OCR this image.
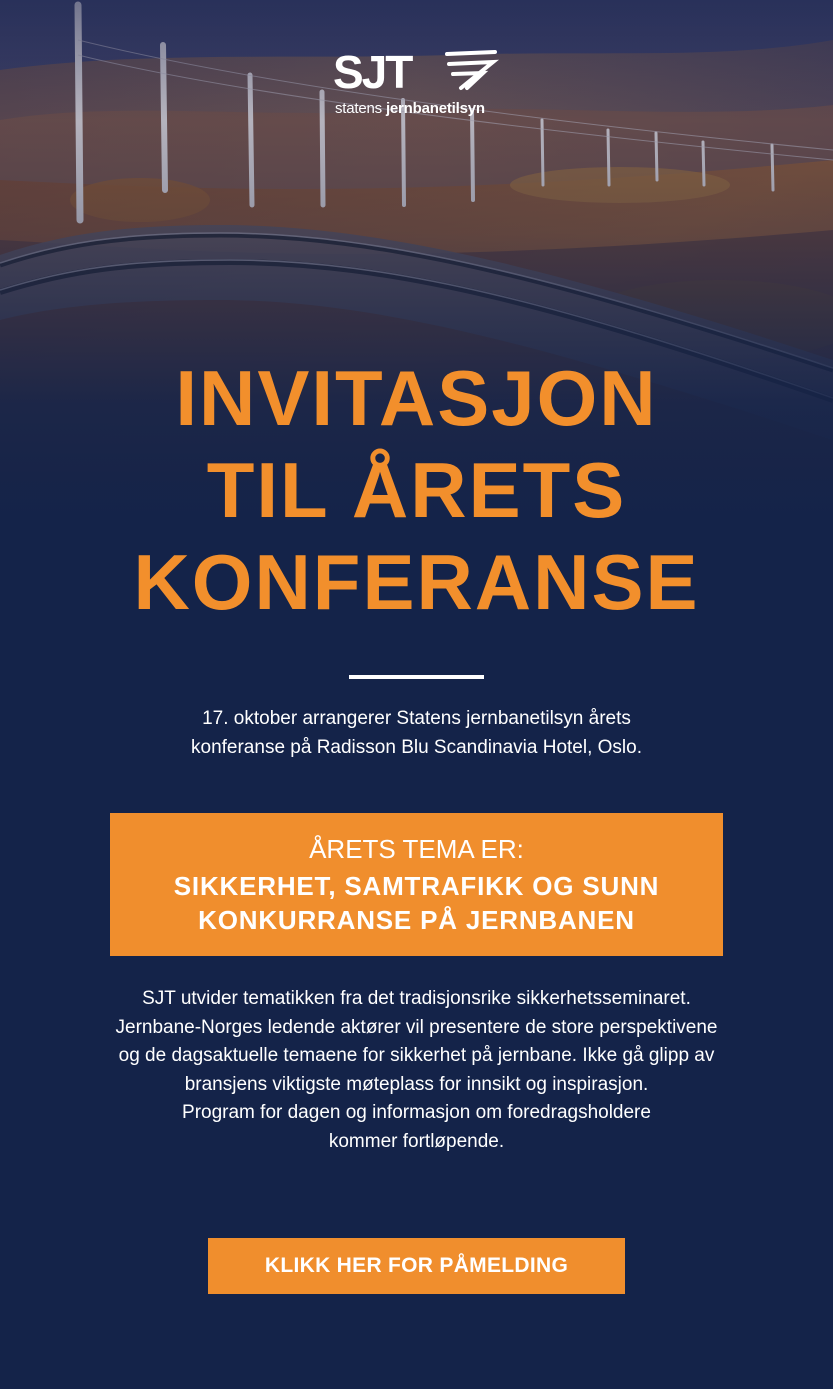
SJT
statens jernbanetilsyn
INVITASJON
TIL ÅRETS
KONFERANSE
17. oktober arrangerer Statens jernbanetilsyn årets
konferanse på Radisson Blu Scandinavia Hotel, Oslo.
ÅRETS TEMA ER:
SIKKERHET, SAMTRAFIKK OG SUNN
KONKURRANSE PÅ JERNBANEN
SJT utvider tematikken fra det tradisjonsrike sikkerhetsseminaret.
Jernbane-Norges ledende aktører vil presentere de store perspektivene
og de dagsaktuelle temaene for sikkerhet på jernbane. Ikke gå glipp av
bransjens viktigste møteplass for innsikt og inspirasjon.
Program for dagen og informasjon om foredragsholdere
kommer fortløpende.
KLIKK HER FOR PÅMELDING
